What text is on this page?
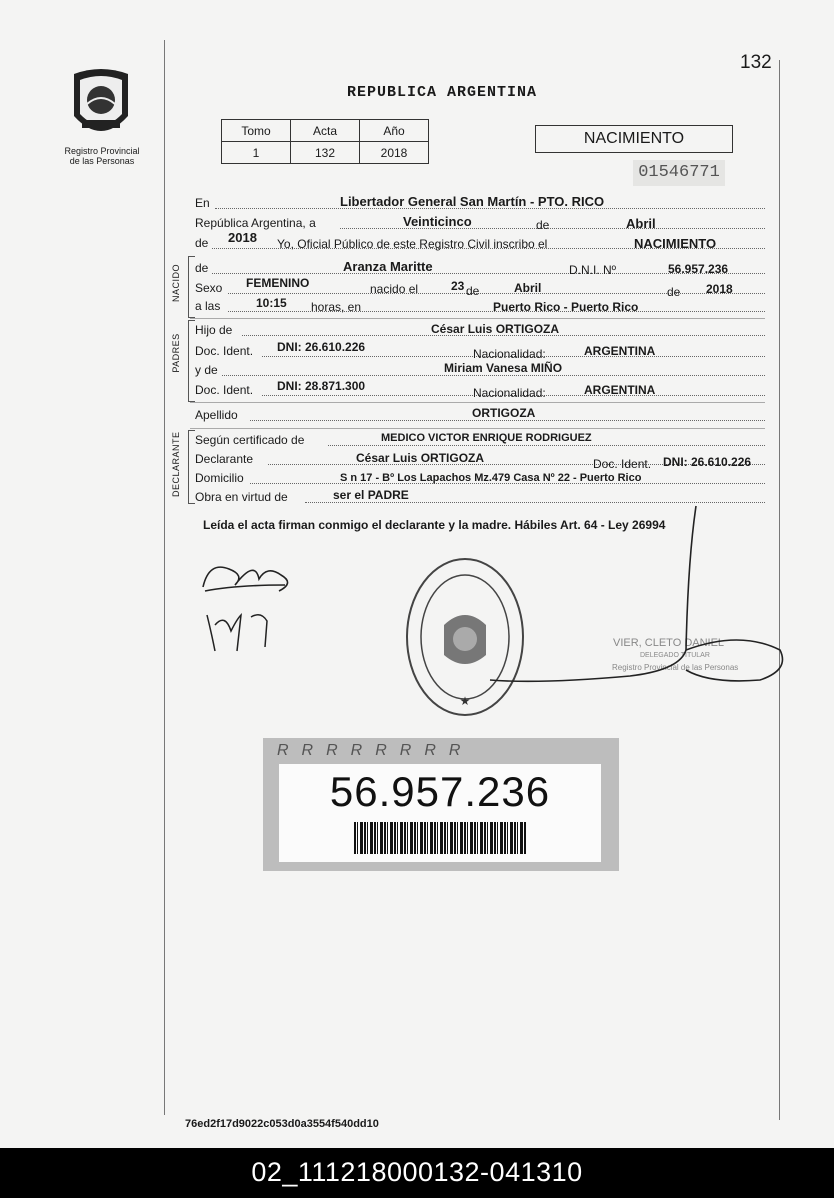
132
Registro Provincial
de las Personas
REPUBLICA ARGENTINA
Tomo	Acta	Año
1	132	2018
NACIMIENTO
01546771
En	Libertador General San Martín - PTO. RICO
República Argentina, a	Veinticinco	de	Abril
de 2018 Yo, Oficial Público de este Registro Civil inscribo el	NACIMIENTO
NACIDO de	Aranza Maritte	D.N.I. Nº	56.957.236
Sexo FEMENINO	nacido el	23 de	Abril	de 2018
a las	10:15 horas, en	Puerto Rico - Puerto Rico
PADRES
Hijo de	César Luis ORTIGOZA
Doc. Ident. DNI: 26.610.226	Nacionalidad:	ARGENTINA
y de	Miriam Vanesa MIÑO
Doc. Ident. DNI: 28.871.300	Nacionalidad:	ARGENTINA
Apellido	ORTIGOZA
DECLARANTE Según certificado de	MEDICO VICTOR ENRIQUE RODRIGUEZ
Declarante	César Luis ORTIGOZA	Doc. Ident. DNI: 26.610.226
Domicilio	S n 17 - Bº Los Lapachos Mz.479 Casa Nº 22 - Puerto Rico
Obra en virtud de	ser el PADRE
Leída el acta firman conmigo el declarante y la madre. Hábiles Art. 64 - Ley 26994
★
VIER, CLETO DANIEL
DELEGADO TITULAR
Registro Provincial de las Personas
RRRRRRRR
56.957.236
76ed2f17d9022c053d0a3554f540dd10
02_111218000132-041310
